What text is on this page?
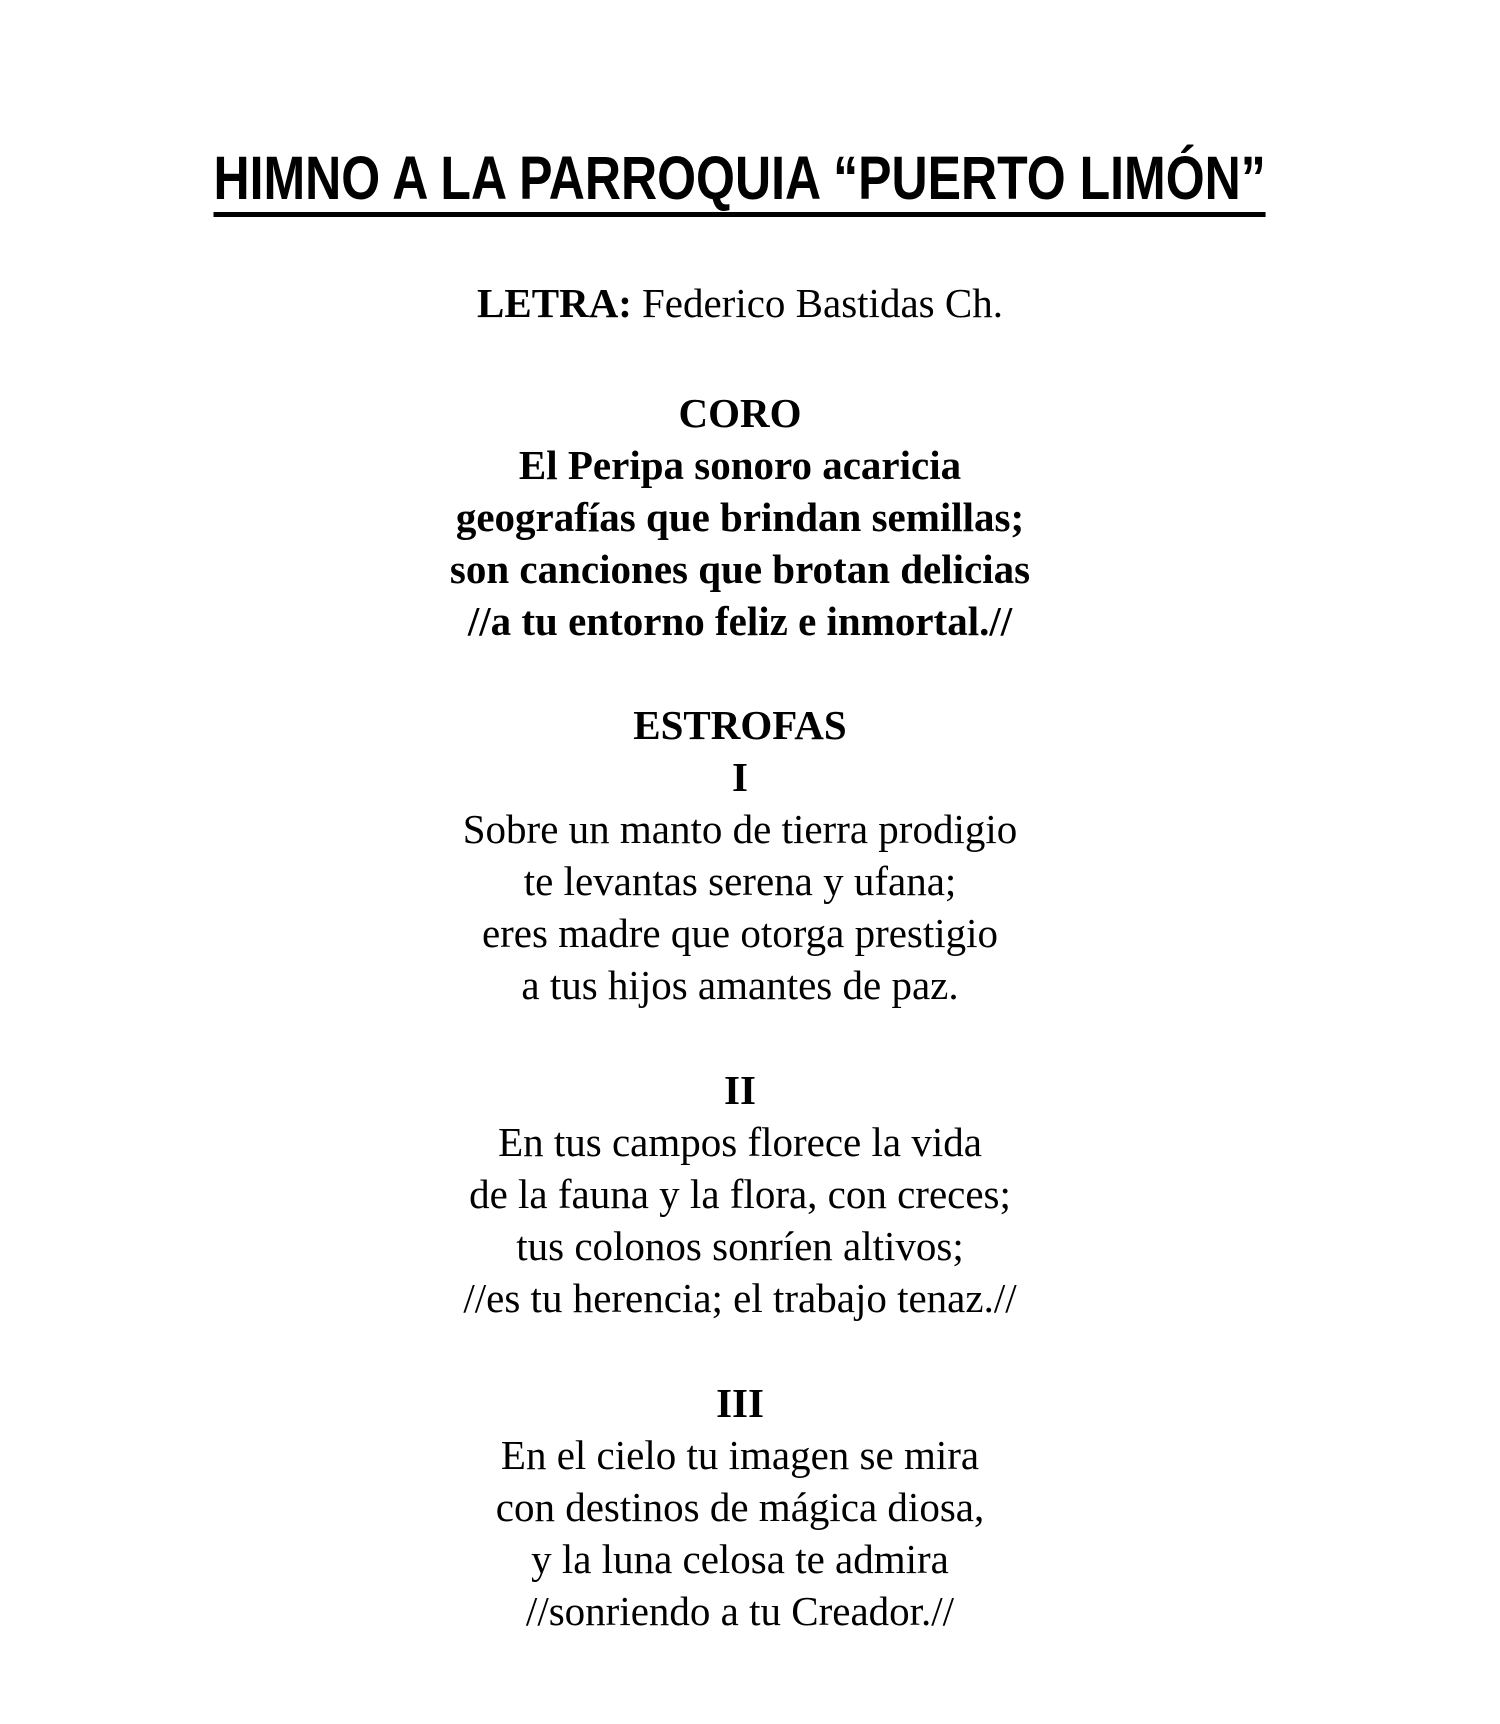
HIMNO A LA PARROQUIA “PUERTO LIMÓN”
LETRA: Federico Bastidas Ch.
CORO
El Peripa sonoro acaricia
geografías que brindan semillas;
son canciones que brotan delicias
//a tu entorno feliz e inmortal.//
ESTROFAS
I
Sobre un manto de tierra prodigio
te levantas serena y ufana;
eres madre que otorga prestigio
a tus hijos amantes de paz.
II
En tus campos florece la vida
de la fauna y la flora, con creces;
tus colonos sonríen altivos;
//es tu herencia; el trabajo tenaz.//
III
En el cielo tu imagen se mira
con destinos de mágica diosa,
y la luna celosa te admira
//sonriendo a tu Creador.//
